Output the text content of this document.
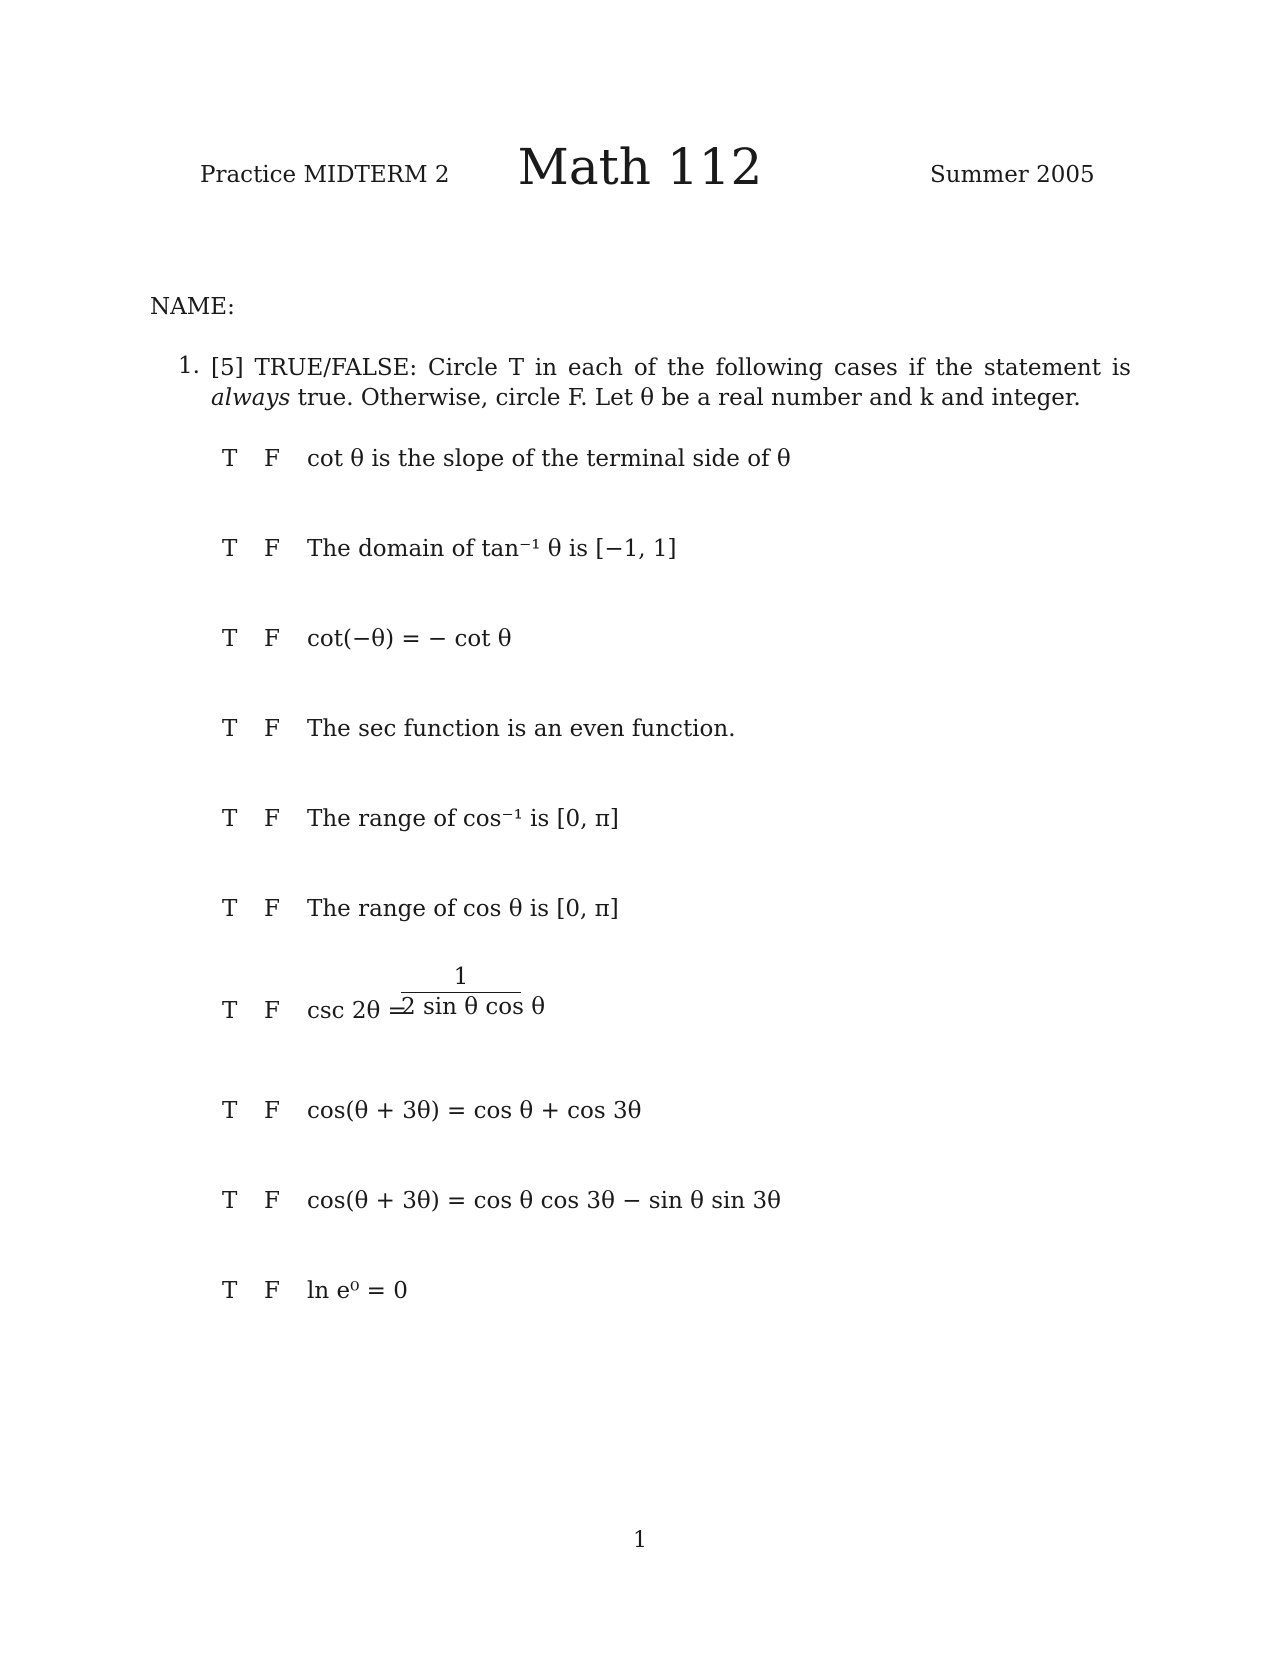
Practice MIDTERM 2	Math 112	Summer 2005
NAME:
1. [5] TRUE/FALSE: Circle T in each of the following cases if the statement is always true. Otherwise, circle F. Let θ be a real number and k and integer.
T F cot θ is the slope of the terminal side of θ
T F The domain of tan⁻¹ θ is [−1, 1]
T F cot(−θ) = − cot θ
T F The sec function is an even function.
T F The range of cos⁻¹ is [0, π]
T F The range of cos θ is [0, π]
T F csc 2θ =
$\frac{1}{\text{2 sin θ cos θ}}$
T F cos(θ + 3θ) = cos θ + cos 3θ
T F cos(θ + 3θ) = cos θ cos 3θ − sin θ sin 3θ
T F ln e⁰ = 0
1
